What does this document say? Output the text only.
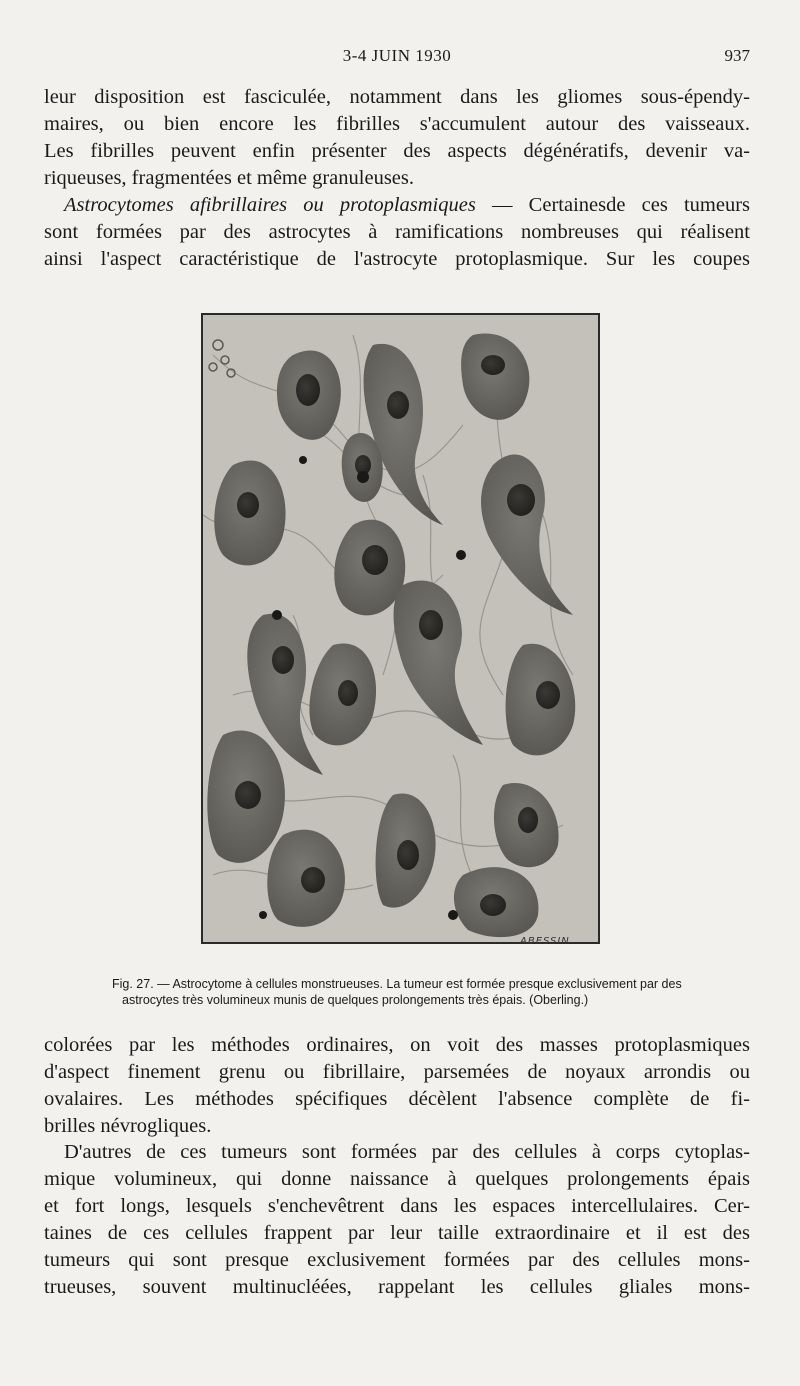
3-4 JUIN 1930	937
leur disposition est fasciculée, notamment dans les gliomes sous-épendy-
maires, ou bien encore les fibrilles s'accumulent autour des vaisseaux.
Les fibrilles peuvent enfin présenter des aspects dégénératifs, devenir va-
riqueuses, fragmentées et même granuleuses.
Astrocytomes afibrillaires ou protoplasmiques — Certainesde ces tumeurs
sont formées par des astrocytes à ramifications nombreuses qui réalisent
ainsi l'aspect caractéristique de l'astrocyte protoplasmique. Sur les coupes
ABESSIN
Fig. 27. — Astrocytome à cellules monstrueuses. La tumeur est formée presque exclusivement par des
astrocytes très volumineux munis de quelques prolongements très épais. (Oberling.)
colorées par les méthodes ordinaires, on voit des masses protoplasmiques
d'aspect finement grenu ou fibrillaire, parsemées de noyaux arrondis ou
ovalaires. Les méthodes spécifiques décèlent l'absence complète de fi-
brilles névrogliques.
D'autres de ces tumeurs sont formées par des cellules à corps cytoplas-
mique volumineux, qui donne naissance à quelques prolongements épais
et fort longs, lesquels s'enchevêtrent dans les espaces intercellulaires. Cer-
taines de ces cellules frappent par leur taille extraordinaire et il est des
tumeurs qui sont presque exclusivement formées par des cellules mons-
trueuses, souvent multinucléées, rappelant les cellules gliales mons-
